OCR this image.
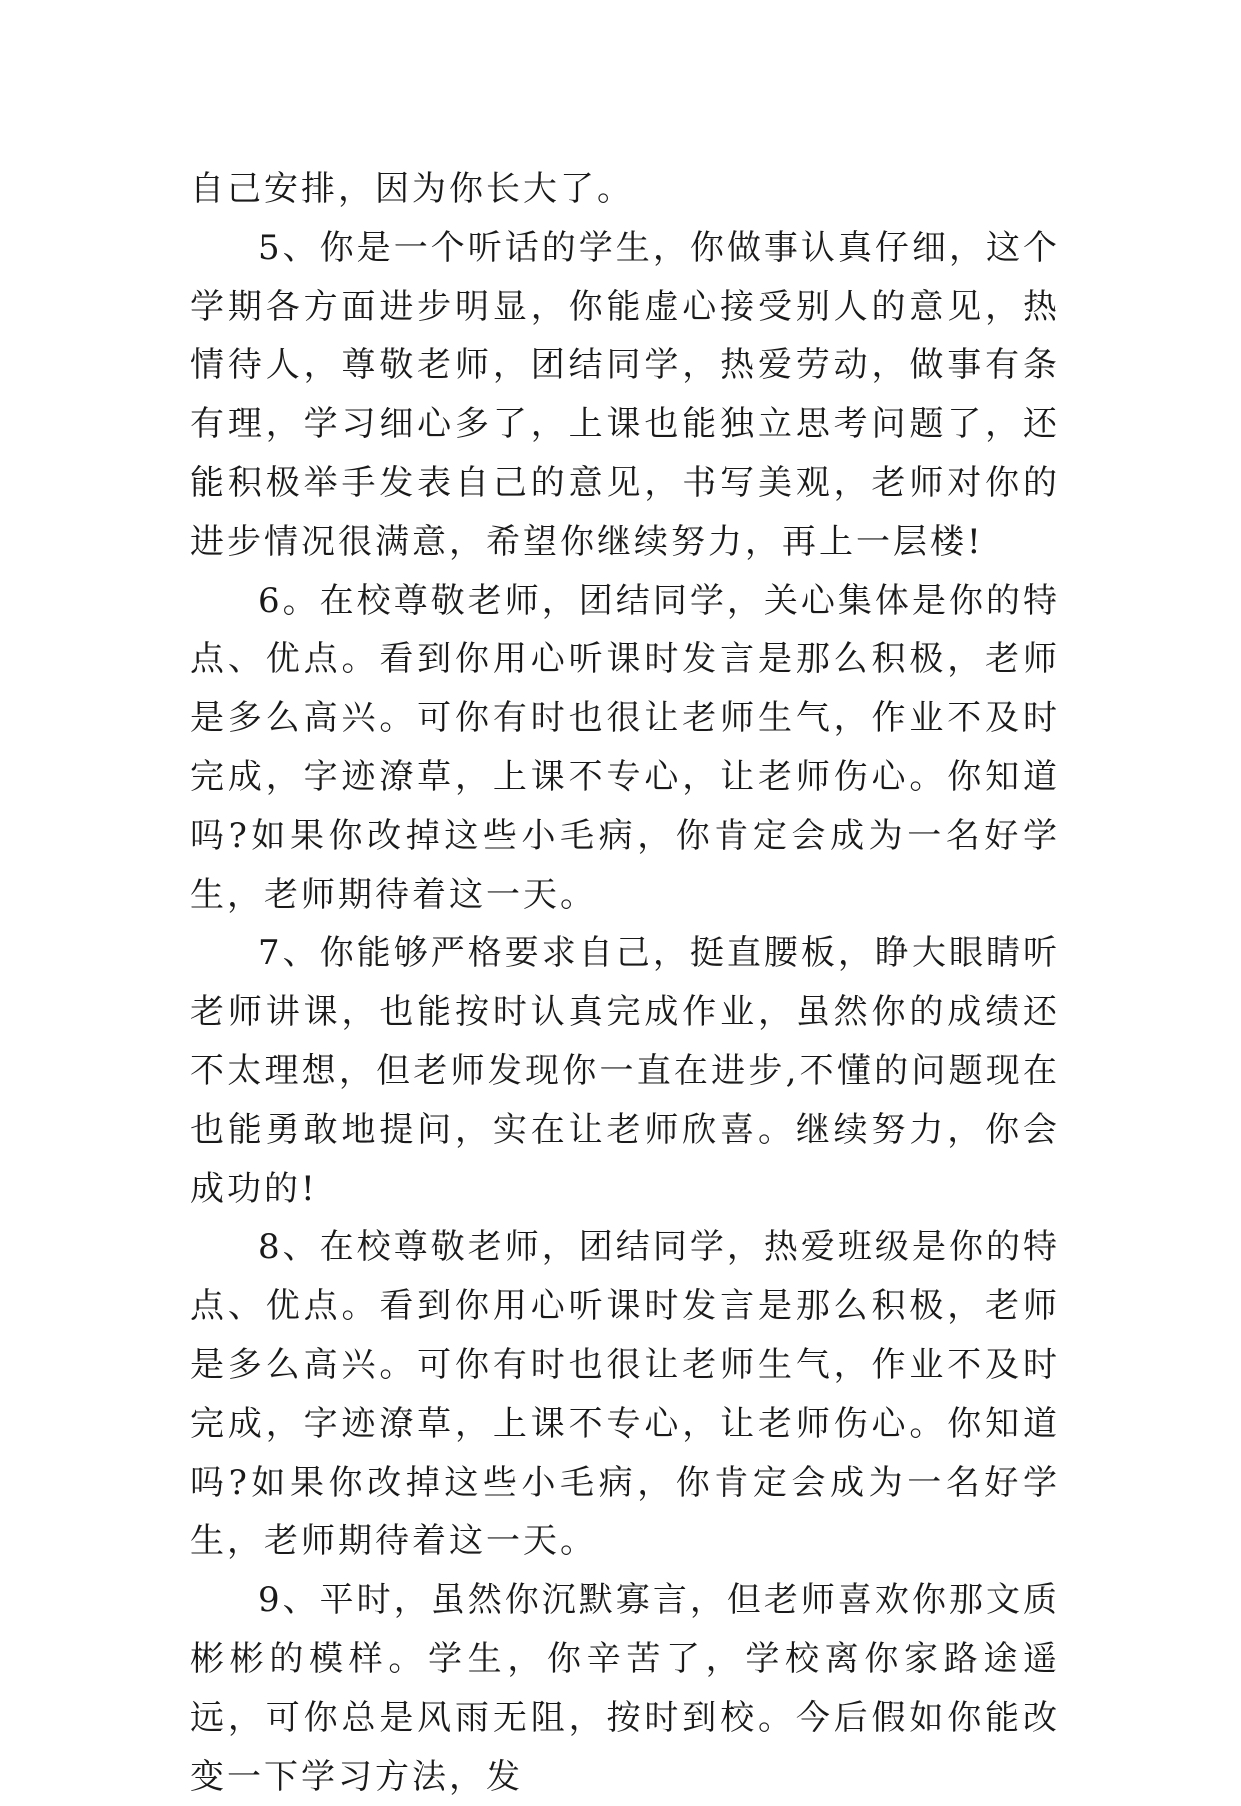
自己安排，因为你长大了。

5、你是一个听话的学生，你做事认真仔细，这个学期各方面进步明显，你能虚心接受别人的意见，热情待人，尊敬老师，团结同学，热爱劳动，做事有条有理，学习细心多了，上课也能独立思考问题了，还能积极举手发表自己的意见，书写美观，老师对你的进步情况很满意，希望你继续努力，再上一层楼!

6。在校尊敬老师，团结同学，关心集体是你的特点、优点。看到你用心听课时发言是那么积极，老师是多么高兴。可你有时也很让老师生气，作业不及时完成，字迹潦草，上课不专心，让老师伤心。你知道吗?如果你改掉这些小毛病，你肯定会成为一名好学生，老师期待着这一天。

7、你能够严格要求自己，挺直腰板，睁大眼睛听老师讲课，也能按时认真完成作业，虽然你的成绩还不太理想，但老师发现你一直在进步,不懂的问题现在也能勇敢地提问，实在让老师欣喜。继续努力，你会成功的!

8、在校尊敬老师，团结同学，热爱班级是你的特点、优点。看到你用心听课时发言是那么积极，老师是多么高兴。可你有时也很让老师生气，作业不及时完成，字迹潦草，上课不专心，让老师伤心。你知道吗?如果你改掉这些小毛病，你肯定会成为一名好学生，老师期待着这一天。

9、平时，虽然你沉默寡言，但老师喜欢你那文质彬彬的模样。学生，你辛苦了，学校离你家路途遥远，可你总是风雨无阻，按时到校。今后假如你能改变一下学习方法，发
